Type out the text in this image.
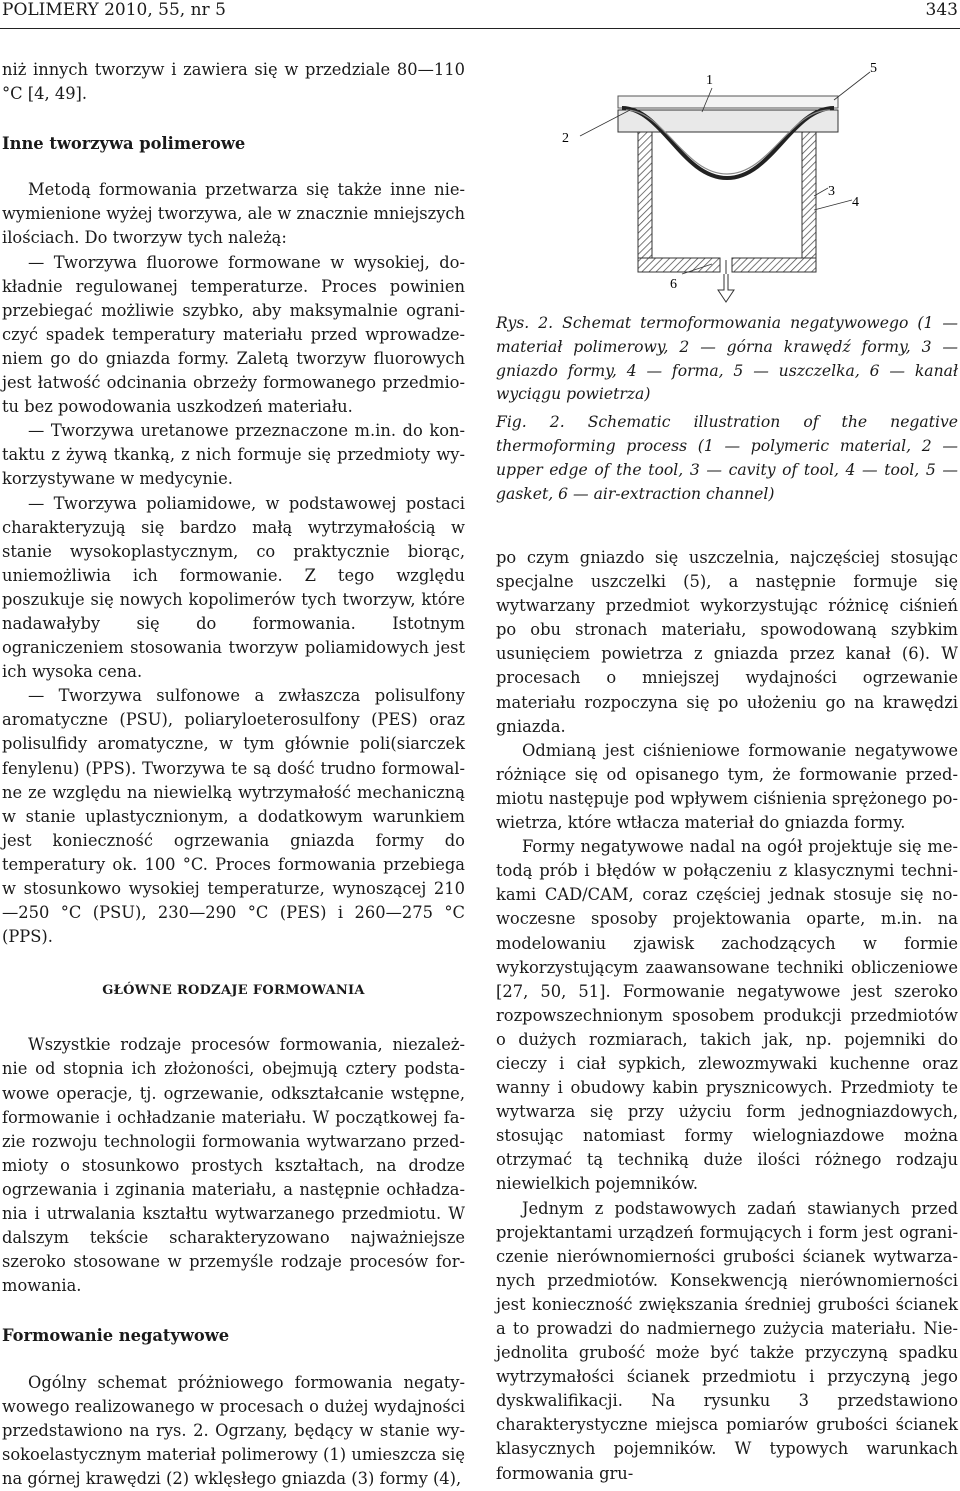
POLIMERY 2010, 55, nr 5	343

niż innych tworzyw i zawiera się w przedziale 80—110 °C [4, 49].

Inne tworzywa polimerowe

Metodą formowania przetwarza się także inne niewymienione wyżej tworzywa, ale w znacznie mniejszych ilościach. Do tworzyw tych należą:

— Tworzywa fluorowe formowane w wysokiej, dokładnie regulowanej temperaturze. Proces powinien przebiegać możliwie szybko, aby maksymalnie ograniczyć spadek temperatury materiału przed wprowadzeniem go do gniazda formy. Zaletą tworzyw fluorowych jest łatwość odcinania obrzeży formowanego przedmiotu bez powodowania uszkodzeń materiału.

— Tworzywa uretanowe przeznaczone m.in. do kontaktu z żywą tkanką, z nich formuje się przedmioty wykorzystywane w medycynie.

— Tworzywa poliamidowe, w podstawowej postaci charakteryzują się bardzo małą wytrzymałością w stanie wysokoplastycznym, co praktycznie biorąc, uniemożliwia ich formowanie. Z tego względu poszukuje się nowych kopolimerów tych tworzyw, które nadawałyby się do formowania. Istotnym ograniczeniem stosowania tworzyw poliamidowych jest ich wysoka cena.

— Tworzywa sulfonowe a zwłaszcza polisulfony aromatyczne (PSU), poliaryloeterosulfony (PES) oraz polisulfidy aromatyczne, w tym głównie poli(siarczek fenylenu) (PPS). Tworzywa te są dość trudno formowalne ze względu na niewielką wytrzymałość mechaniczną w stanie uplastycznionym, a dodatkowym warunkiem jest konieczność ogrzewania gniazda formy do temperatury ok. 100 °C. Proces formowania przebiega w stosunkowo wysokiej temperaturze, wynoszącej 210—250 °C (PSU), 230—290 °C (PES) i 260—275 °C (PPS).

GŁÓWNE RODZAJE FORMOWANIA

Wszystkie rodzaje procesów formowania, niezależnie od stopnia ich złożoności, obejmują cztery podstawowe operacje, tj. ogrzewanie, odkształcanie wstępne, formowanie i ochładzanie materiału. W początkowej fazie rozwoju technologii formowania wytwarzano przedmioty o stosunkowo prostych kształtach, na drodze ogrzewania i zginania materiału, a następnie ochładzania i utrwalania kształtu wytwarzanego przedmiotu. W dalszym tekście scharakteryzowano najważniejsze szeroko stosowane w przemyśle rodzaje procesów formowania.

Formowanie negatywowe

Ogólny schemat próżniowego formowania negatywowego realizowanego w procesach o dużej wydajności przedstawiono na rys. 2. Ogrzany, będący w stanie wysokoelastycznym materiał polimerowy (1) umieszcza się na górnej krawędzi (2) wklęsłego gniazda (3) formy (4),

1
2
3
4
5
6

Rys. 2. Schemat termoformowania negatywowego (1 — materiał polimerowy, 2 — górna krawędź formy, 3 — gniazdo formy, 4 — forma, 5 — uszczelka, 6 — kanał wyciągu powietrza)

Fig. 2. Schematic illustration of the negative thermoforming process (1 — polymeric material, 2 — upper edge of the tool, 3 — cavity of tool, 4 — tool, 5 — gasket, 6 — air-extraction channel)

po czym gniazdo się uszczelnia, najczęściej stosując specjalne uszczelki (5), a następnie formuje się wytwarzany przedmiot wykorzystując różnicę ciśnień po obu stronach materiału, spowodowaną szybkim usunięciem powietrza z gniazda przez kanał (6). W procesach o mniejszej wydajności ogrzewanie materiału rozpoczyna się po ułożeniu go na krawędzi gniazda.

Odmianą jest ciśnieniowe formowanie negatywowe różniące się od opisanego tym, że formowanie przedmiotu następuje pod wpływem ciśnienia sprężonego powietrza, które wtłacza materiał do gniazda formy.

Formy negatywowe nadal na ogół projektuje się metodą prób i błędów w połączeniu z klasycznymi technikami CAD/CAM, coraz częściej jednak stosuje się nowoczesne sposoby projektowania oparte, m.in. na modelowaniu zjawisk zachodzących w formie wykorzystującym zaawansowane techniki obliczeniowe [27, 50, 51]. Formowanie negatywowe jest szeroko rozpowszechnionym sposobem produkcji przedmiotów o dużych rozmiarach, takich jak, np. pojemniki do cieczy i ciał sypkich, zlewozmywaki kuchenne oraz wanny i obudowy kabin prysznicowych. Przedmioty te wytwarza się przy użyciu form jednogniazdowych, stosując natomiast formy wielogniazdowe można otrzymać tą techniką duże ilości różnego rodzaju niewielkich pojemników.

Jednym z podstawowych zadań stawianych przed projektantami urządzeń formujących i form jest ograniczenie nierównomierności grubości ścianek wytwarzanych przedmiotów. Konsekwencją nierównomierności jest konieczność zwiększania średniej grubości ścianek a to prowadzi do nadmiernego zużycia materiału. Niejednolita grubość może być także przyczyną spadku wytrzymałości ścianek przedmiotu i przyczyną jego dyskwalifikacji. Na rysunku 3 przedstawiono charakterystyczne miejsca pomiarów grubości ścianek klasycznych pojemników. W typowych warunkach formowania gru-
